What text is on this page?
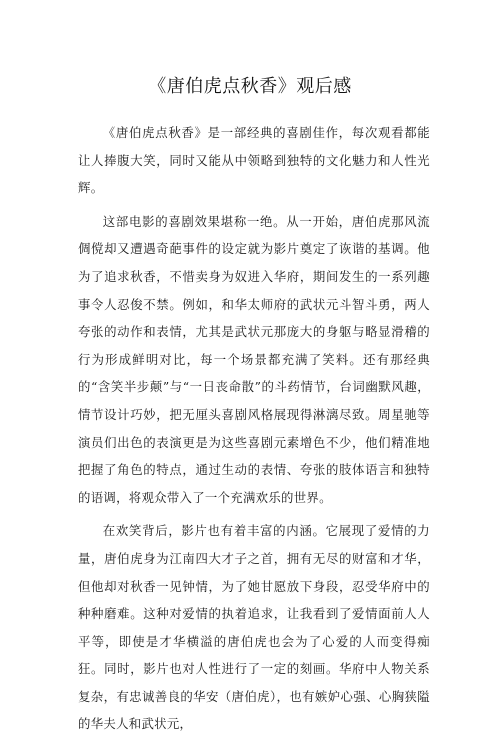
《唐伯虎点秋香》观后感

《唐伯虎点秋香》是一部经典的喜剧佳作，每次观看都能让人捧腹大笑，同时又能从中领略到独特的文化魅力和人性光辉。

这部电影的喜剧效果堪称一绝。从一开始，唐伯虎那风流倜傥却又遭遇奇葩事件的设定就为影片奠定了诙谐的基调。他为了追求秋香，不惜卖身为奴进入华府，期间发生的一系列趣事令人忍俊不禁。例如，和华太师府的武状元斗智斗勇，两人夸张的动作和表情，尤其是武状元那庞大的身躯与略显滑稽的行为形成鲜明对比，每一个场景都充满了笑料。还有那经典的“含笑半步颠”与“一日丧命散”的斗药情节，台词幽默风趣，情节设计巧妙，把无厘头喜剧风格展现得淋漓尽致。周星驰等演员们出色的表演更是为这些喜剧元素增色不少，他们精准地把握了角色的特点，通过生动的表情、夸张的肢体语言和独特的语调，将观众带入了一个充满欢乐的世界。

在欢笑背后，影片也有着丰富的内涵。它展现了爱情的力量，唐伯虎身为江南四大才子之首，拥有无尽的财富和才华，但他却对秋香一见钟情，为了她甘愿放下身段，忍受华府中的种种磨难。这种对爱情的执着追求，让我看到了爱情面前人人平等，即使是才华横溢的唐伯虎也会为了心爱的人而变得痴狂。同时，影片也对人性进行了一定的刻画。华府中人物关系复杂，有忠诚善良的华安（唐伯虎），也有嫉妒心强、心胸狭隘的华夫人和武状元，
